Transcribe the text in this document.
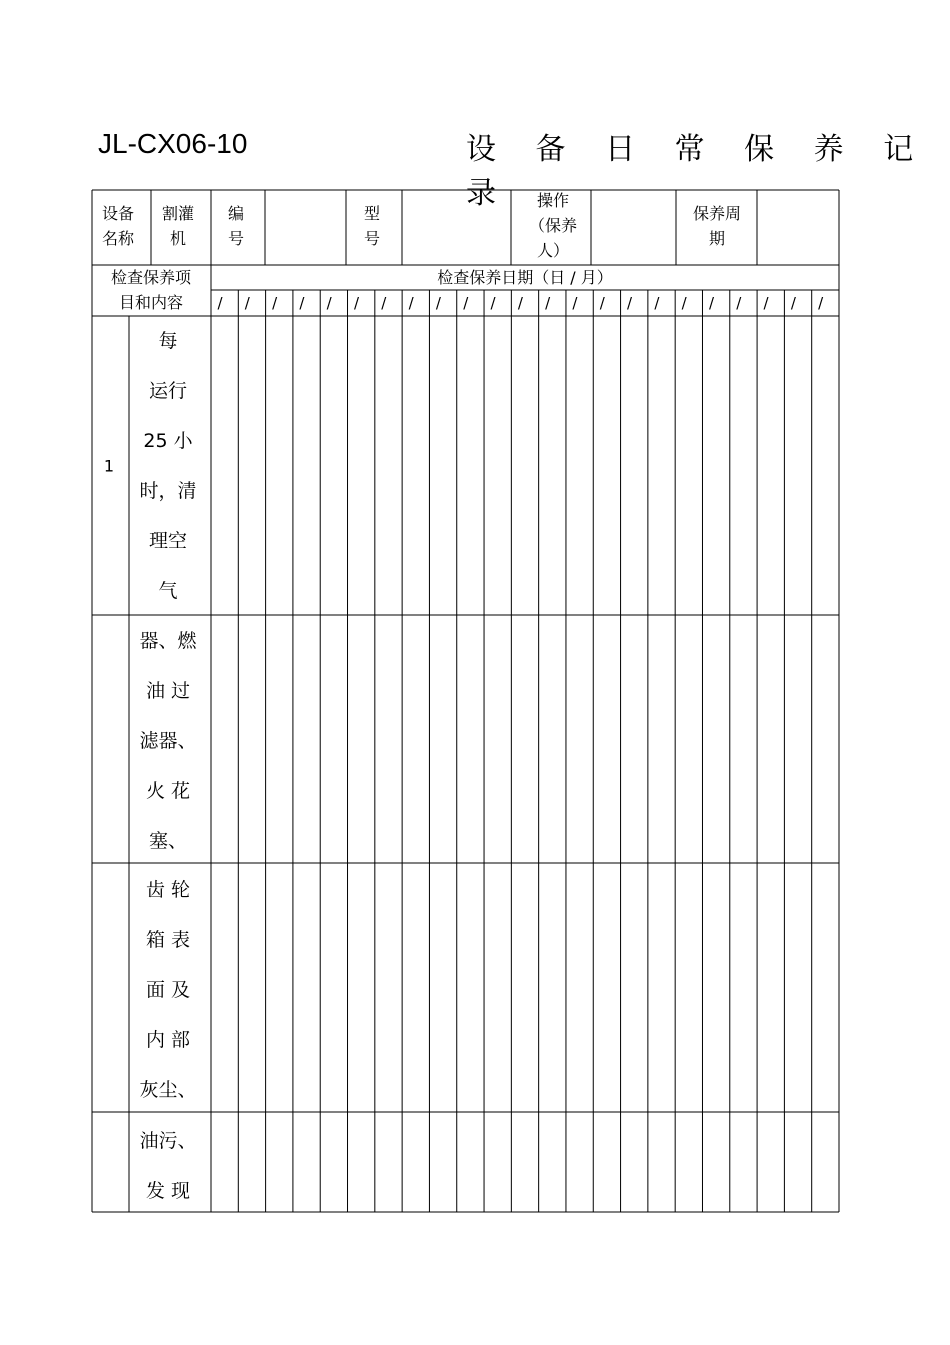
JL-CX06-10	设 备 日 常 保 养 记 录
设备
名称
割灌
机
编
号
型
号
操作
（保养
人）
保养周
期
检查保养项
目和内容
检查保养日期（日 / 月）
/ / / / / / / / / / / / / / / / / / / / / / /
1
每
运行
25 小
时，清
理空
气
器、燃
油 过
滤器、
火 花
塞、
齿 轮
箱 表
面 及
内 部
灰尘、
油污、
发 现
